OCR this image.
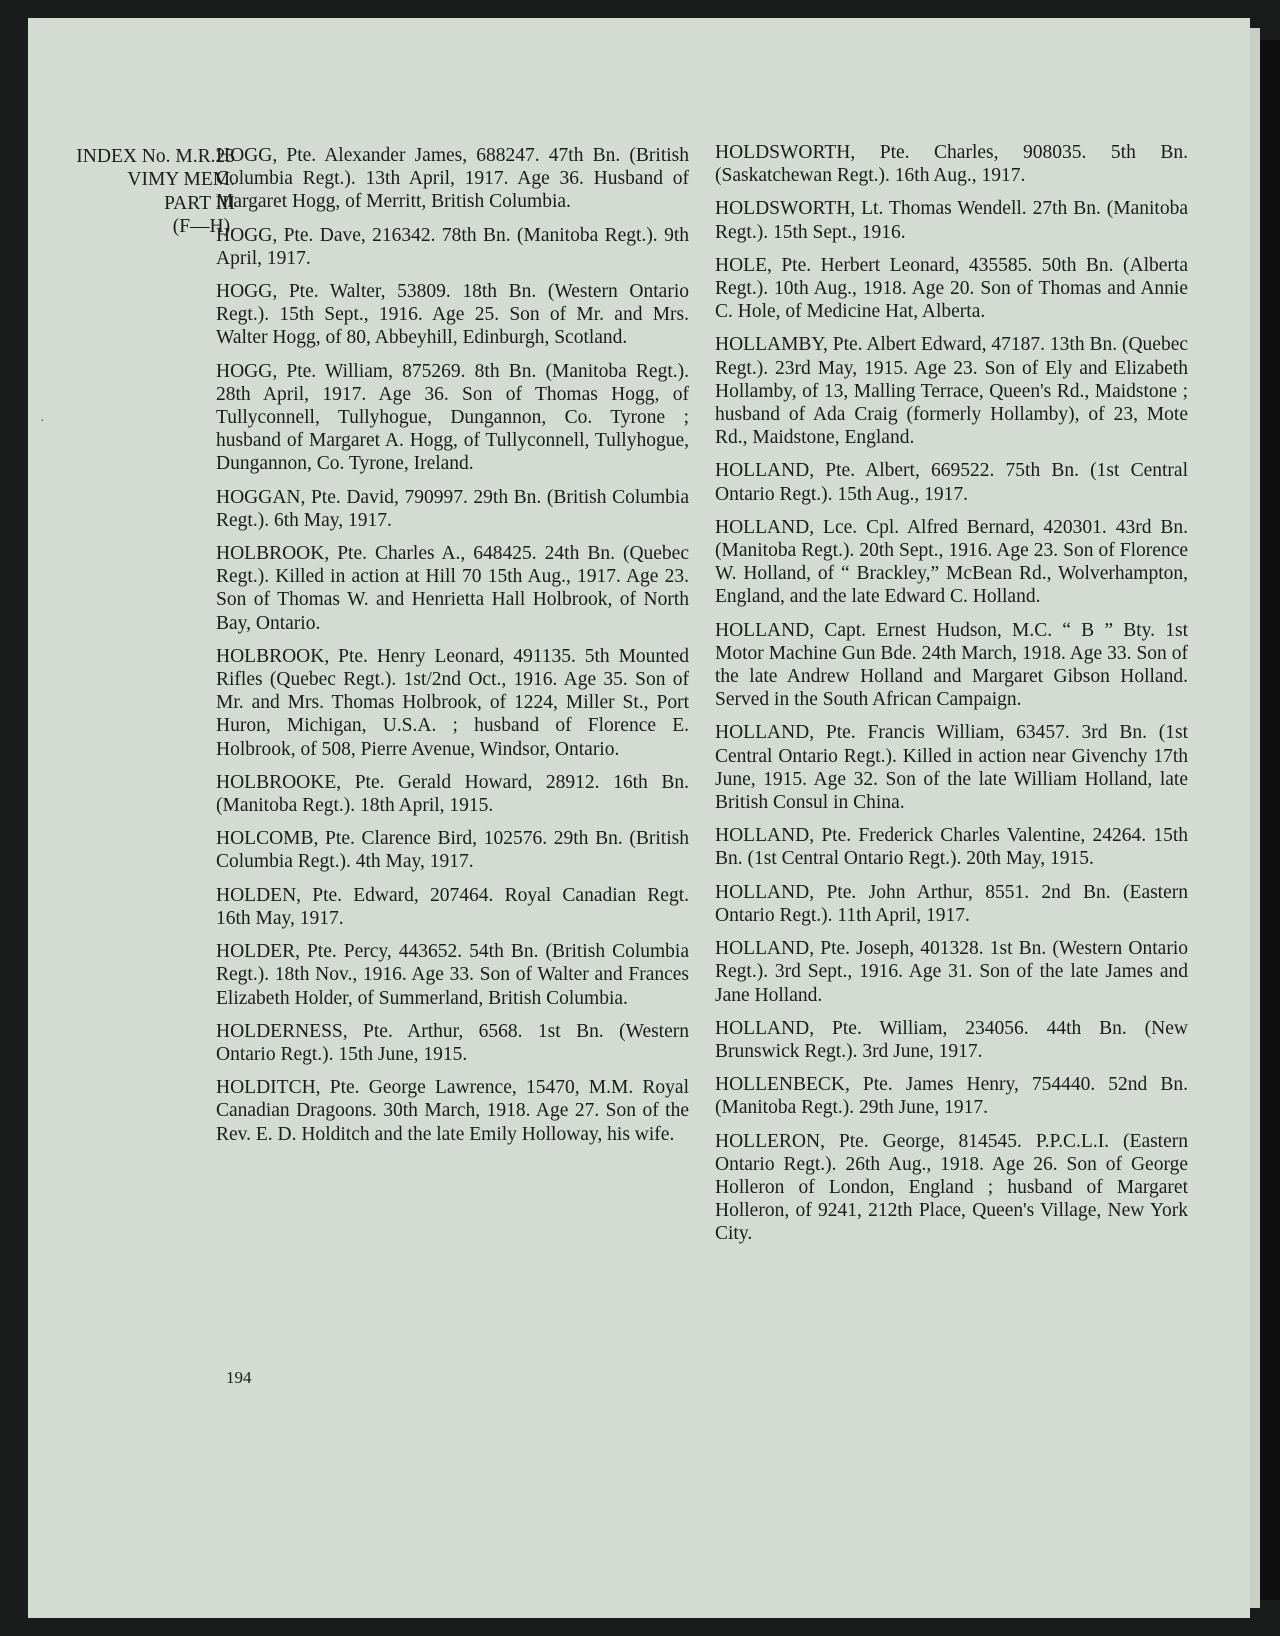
INDEX No. M.R.23
VIMY MEM.
PART III
(F—H).
·

HOGG, Pte. Alexander James, 688247. 47th Bn. (British Columbia Regt.). 13th April, 1917. Age 36. Husband of Margaret Hogg, of Merritt, British Columbia.

HOGG, Pte. Dave, 216342. 78th Bn. (Manitoba Regt.). 9th April, 1917.

HOGG, Pte. Walter, 53809. 18th Bn. (Western Ontario Regt.). 15th Sept., 1916. Age 25. Son of Mr. and Mrs. Walter Hogg, of 80, Abbeyhill, Edinburgh, Scotland.

HOGG, Pte. William, 875269. 8th Bn. (Manitoba Regt.). 28th April, 1917. Age 36. Son of Thomas Hogg, of Tullyconnell, Tullyhogue, Dungannon, Co. Tyrone ; husband of Margaret A. Hogg, of Tullyconnell, Tullyhogue, Dungannon, Co. Tyrone, Ireland.

HOGGAN, Pte. David, 790997. 29th Bn. (British Columbia Regt.). 6th May, 1917.

HOLBROOK, Pte. Charles A., 648425. 24th Bn. (Quebec Regt.). Killed in action at Hill 70 15th Aug., 1917. Age 23. Son of Thomas W. and Henrietta Hall Holbrook, of North Bay, Ontario.

HOLBROOK, Pte. Henry Leonard, 491135. 5th Mounted Rifles (Quebec Regt.). 1st/2nd Oct., 1916. Age 35. Son of Mr. and Mrs. Thomas Holbrook, of 1224, Miller St., Port Huron, Michigan, U.S.A. ; husband of Florence E. Holbrook, of 508, Pierre Avenue, Windsor, Ontario.

HOLBROOKE, Pte. Gerald Howard, 28912. 16th Bn. (Manitoba Regt.). 18th April, 1915.

HOLCOMB, Pte. Clarence Bird, 102576. 29th Bn. (British Columbia Regt.). 4th May, 1917.

HOLDEN, Pte. Edward, 207464. Royal Canadian Regt. 16th May, 1917.

HOLDER, Pte. Percy, 443652. 54th Bn. (British Columbia Regt.). 18th Nov., 1916. Age 33. Son of Walter and Frances Elizabeth Holder, of Summerland, British Columbia.

HOLDERNESS, Pte. Arthur, 6568. 1st Bn. (Western Ontario Regt.). 15th June, 1915.

HOLDITCH, Pte. George Lawrence, 15470, M.M. Royal Canadian Dragoons. 30th March, 1918. Age 27. Son of the Rev. E. D. Holditch and the late Emily Holloway, his wife.

HOLDSWORTH, Pte. Charles, 908035. 5th Bn. (Saskatchewan Regt.). 16th Aug., 1917.

HOLDSWORTH, Lt. Thomas Wendell. 27th Bn. (Manitoba Regt.). 15th Sept., 1916.

HOLE, Pte. Herbert Leonard, 435585. 50th Bn. (Alberta Regt.). 10th Aug., 1918. Age 20. Son of Thomas and Annie C. Hole, of Medicine Hat, Alberta.

HOLLAMBY, Pte. Albert Edward, 47187. 13th Bn. (Quebec Regt.). 23rd May, 1915. Age 23. Son of Ely and Elizabeth Hollamby, of 13, Malling Terrace, Queen's Rd., Maidstone ; husband of Ada Craig (formerly Hollamby), of 23, Mote Rd., Maidstone, England.

HOLLAND, Pte. Albert, 669522. 75th Bn. (1st Central Ontario Regt.). 15th Aug., 1917.

HOLLAND, Lce. Cpl. Alfred Bernard, 420301. 43rd Bn. (Manitoba Regt.). 20th Sept., 1916. Age 23. Son of Florence W. Holland, of “ Brackley,” McBean Rd., Wolverhampton, England, and the late Edward C. Holland.

HOLLAND, Capt. Ernest Hudson, M.C. “ B ” Bty. 1st Motor Machine Gun Bde. 24th March, 1918. Age 33. Son of the late Andrew Holland and Margaret Gibson Holland. Served in the South African Campaign.

HOLLAND, Pte. Francis William, 63457. 3rd Bn. (1st Central Ontario Regt.). Killed in action near Givenchy 17th June, 1915. Age 32. Son of the late William Holland, late British Consul in China.

HOLLAND, Pte. Frederick Charles Valentine, 24264. 15th Bn. (1st Central Ontario Regt.). 20th May, 1915.

HOLLAND, Pte. John Arthur, 8551. 2nd Bn. (Eastern Ontario Regt.). 11th April, 1917.

HOLLAND, Pte. Joseph, 401328. 1st Bn. (Western Ontario Regt.). 3rd Sept., 1916. Age 31. Son of the late James and Jane Holland.

HOLLAND, Pte. William, 234056. 44th Bn. (New Brunswick Regt.). 3rd June, 1917.

HOLLENBECK, Pte. James Henry, 754440. 52nd Bn. (Manitoba Regt.). 29th June, 1917.

HOLLERON, Pte. George, 814545. P.P.C.L.I. (Eastern Ontario Regt.). 26th Aug., 1918. Age 26. Son of George Holleron of London, England ; husband of Margaret Holleron, of 9241, 212th Place, Queen's Village, New York City.

194
